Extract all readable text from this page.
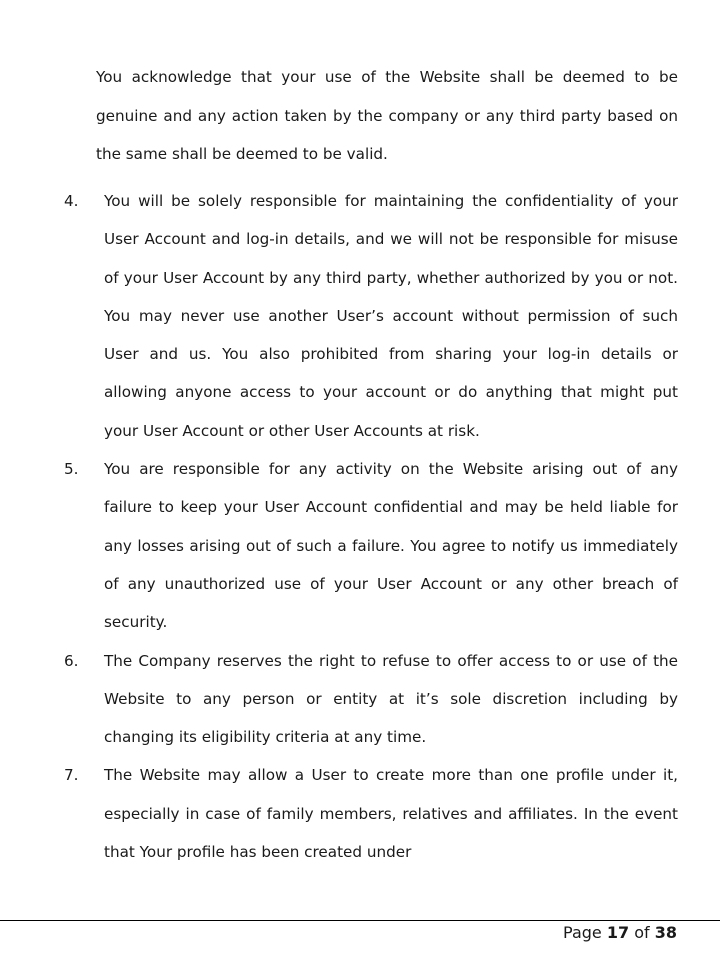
You acknowledge that your use of the Website shall be deemed to be genuine and any action taken by the company or any third party based on the same shall be deemed to be valid.

4.	You will be solely responsible for maintaining the confidentiality of your User Account and log-in details, and we will not be responsible for misuse of your User Account by any third party, whether authorized by you or not. You may never use another User’s account without permission of such User and us. You also prohibited from sharing your log-in details or allowing anyone access to your account or do anything that might put your User Account or other User Accounts at risk.
5.	You are responsible for any activity on the Website arising out of any failure to keep your User Account confidential and may be held liable for any losses arising out of such a failure. You agree to notify us immediately of any unauthorized use of your User Account or any other breach of security.
6.	The Company reserves the right to refuse to offer access to or use of the Website to any person or entity at it’s sole discretion including by changing its eligibility criteria at any time.
7.	The Website may allow a User to create more than one profile under it, especially in case of family members, relatives and affiliates. In the event that Your profile has been created under
Page 17 of 38
